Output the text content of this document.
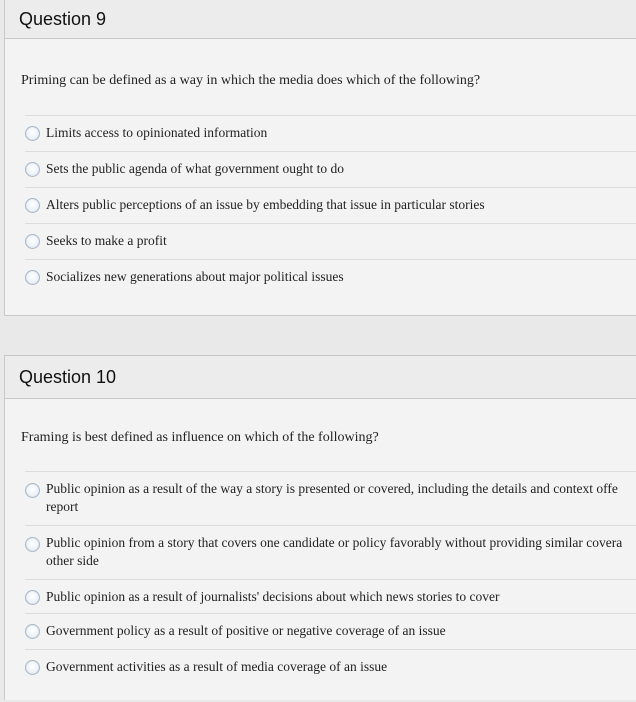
Question 9
Priming can be defined as a way in which the media does which of the following?
Limits access to opinionated information
Sets the public agenda of what government ought to do
Alters public perceptions of an issue by embedding that issue in particular stories
Seeks to make a profit
Socializes new generations about major political issues
Question 10
Framing is best defined as influence on which of the following?
Public opinion as a result of the way a story is presented or covered, including the details and context offe report
Public opinion from a story that covers one candidate or policy favorably without providing similar covera other side
Public opinion as a result of journalists' decisions about which news stories to cover
Government policy as a result of positive or negative coverage of an issue
Government activities as a result of media coverage of an issue
